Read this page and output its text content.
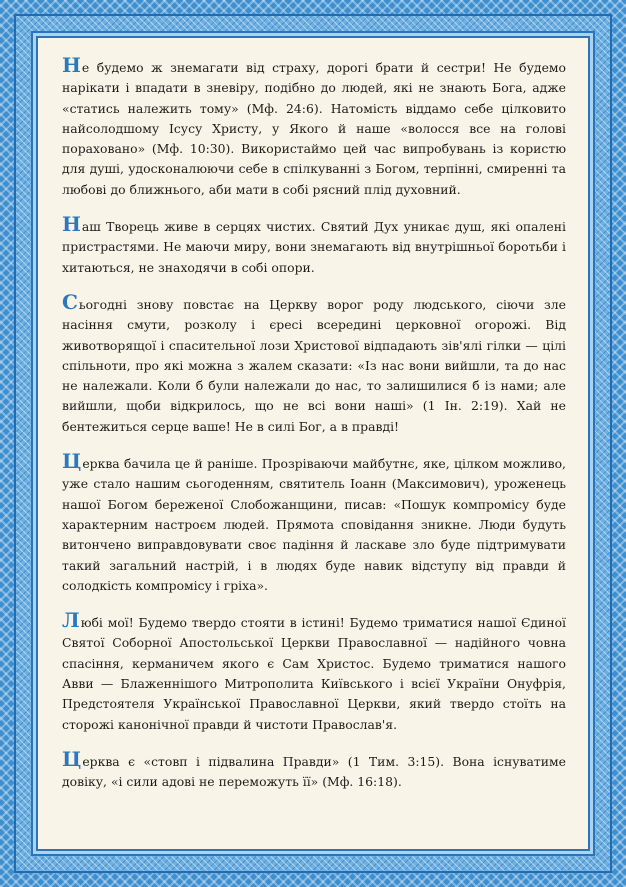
Не будемо ж знемагати від страху, дорогі брати й сестри! Не будемо нарікати і впадати в зневіру, подібно до людей, які не знають Бога, адже «статись належить тому» (Мф. 24:6). Натомість віддамо себе цілковито найсолодшому Ісусу Христу, у Якого й наше «волосся все на голові пораховано» (Мф. 10:30). Використаймо цей час випробувань із користю для душі, удосконалюючи себе в спілкуванні з Богом, терпінні, смиренні та любові до ближнього, аби мати в собі рясний плід духовний.

Наш Творець живе в серцях чистих. Святий Дух уникає душ, які опалені пристрастями. Не маючи миру, вони знемагають від внутрішньої боротьби і хитаються, не знаходячи в собі опори.

Сьогодні знову повстає на Церкву ворог роду людського, сіючи зле насіння смути, розколу і єресі всередині церковної огорожі. Від животворящої і спасительної лози Христової відпадають зів'ялі гілки — цілі спільноти, про які можна з жалем сказати: «Із нас вони вийшли, та до нас не належали. Коли б були належали до нас, то залишилися б із нами; але вийшли, щоби відкрилось, що не всі вони наші» (1 Ін. 2:19). Хай не бентежиться серце ваше! Не в силі Бог, а в правді!

Церква бачила це й раніше. Прозріваючи майбутнє, яке, цілком можливо, уже стало нашим сьогоденням, святитель Іоанн (Максимович), уроженець нашої Богом береженої Слобожанщини, писав: «Пошук компромісу буде характерним настроєм людей. Прямота сповідання зникне. Люди будуть витончено виправдовувати своє падіння й ласкаве зло буде підтримувати такий загальний настрій, і в людях буде навик відступу від правди й солодкість компромісу і гріха».

Любі мої! Будемо твердо стояти в істині! Будемо триматися нашої Єдиної Святої Соборної Апостольської Церкви Православної — надійного човна спасіння, керманичем якого є Сам Христос. Будемо триматися нашого Авви — Блаженнішого Митрополита Київського і всієї України Онуфрія, Предстоятеля Української Православної Церкви, який твердо стоїть на сторожі канонічної правди й чистоти Православ'я.

Церква є «стовп і підвалина Правди» (1 Тим. 3:15). Вона існуватиме довіку, «і сили адові не переможуть її» (Мф. 16:18).
